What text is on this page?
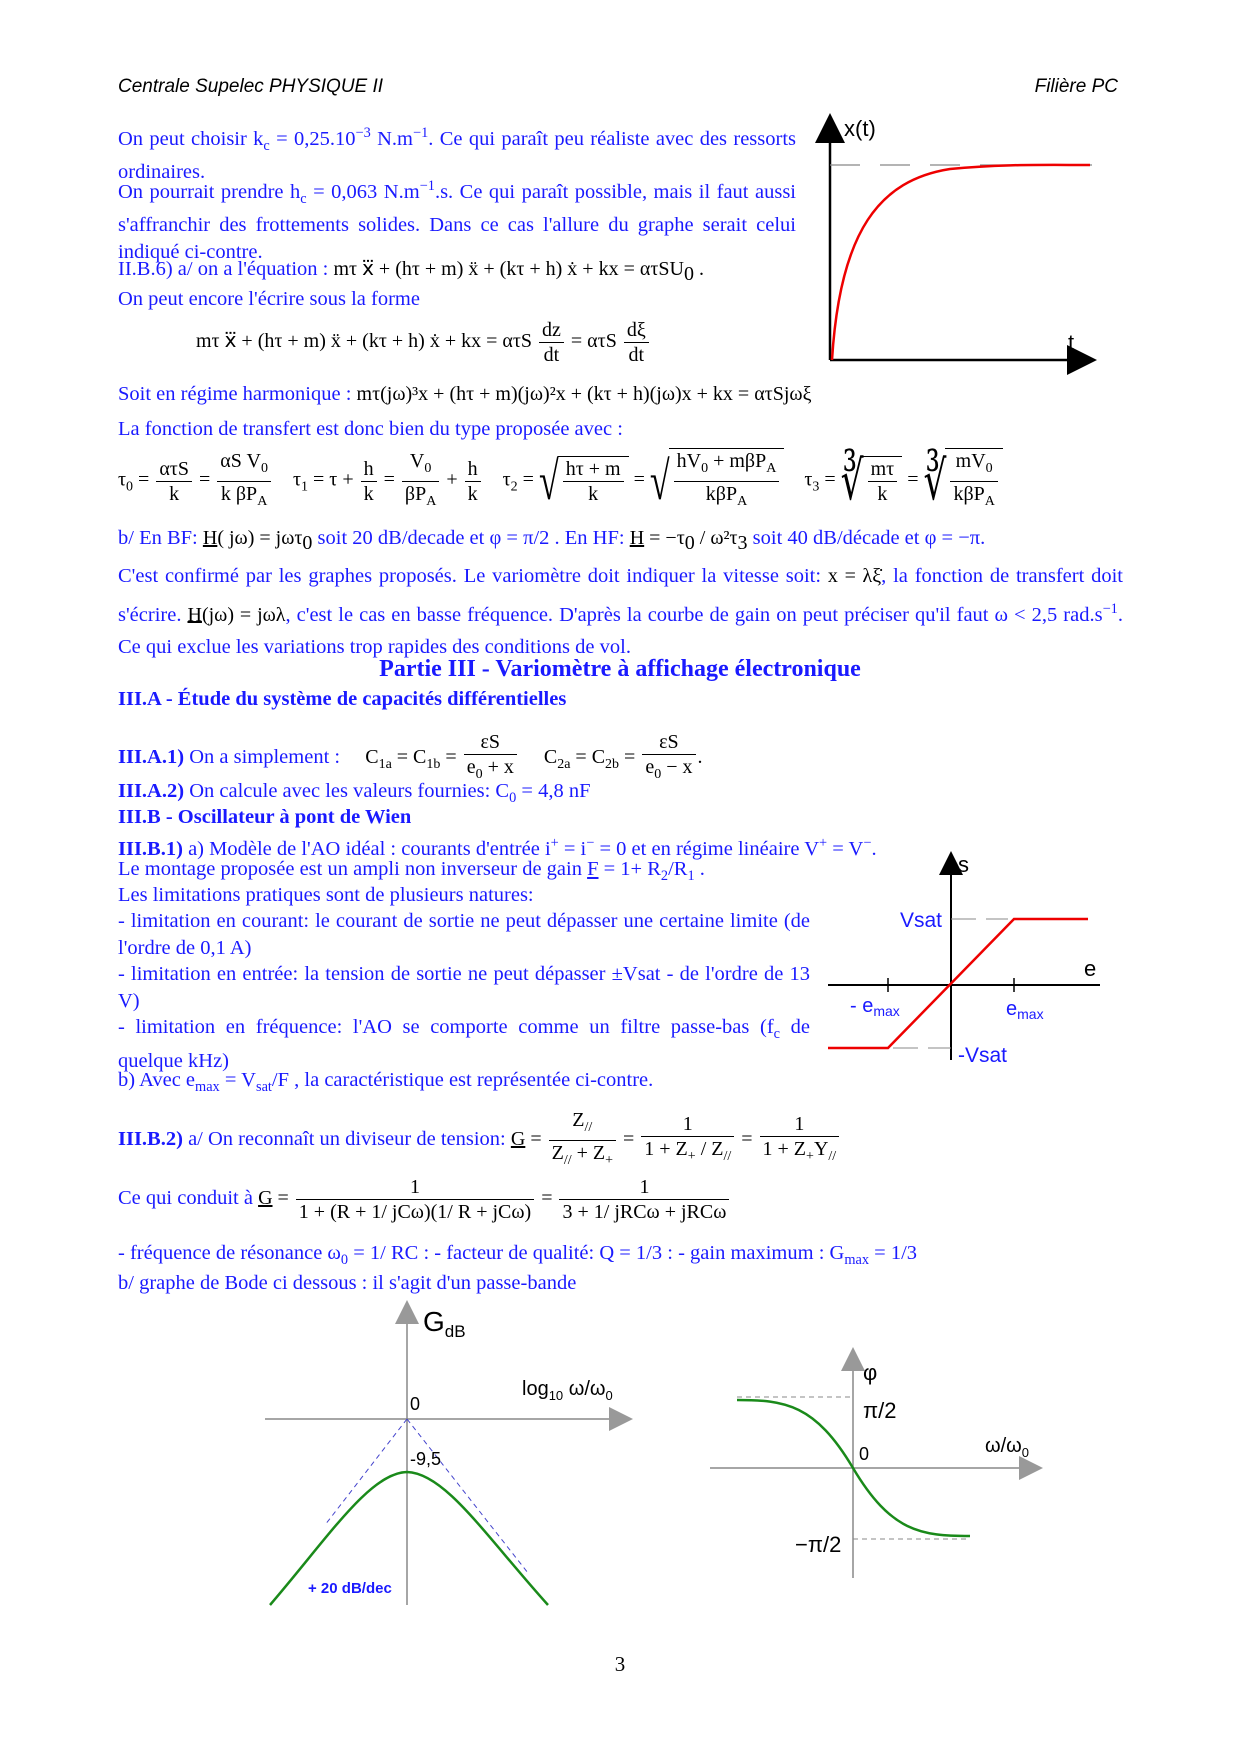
Centrale Supelec PHYSIQUE II	Filière PC
On peut choisir $k_c = 0,25.10^{-3}$ $N.m^{-1}$. Ce qui paraît peu réaliste avec des ressorts ordinaires.
On pourrait prendre $h_c = 0,063$ $N.m^{-1}.s$. Ce qui paraît possible, mais il faut aussi s'affranchir des frottements solides. Dans ce cas l'allure du graphe serait celui indiqué ci-contre.
II.B.6) a/ on a l'équation : mτ x⃛ + (hτ + m) ẍ + (kτ + h) ẋ + kx = ατSU$_0$ .
On peut encore l'écrire sous la forme
mτ x⃛ + (hτ + m) ẍ + (kτ + h) ẋ + kx = ατS $\frac{dz}{dt} = \alpha\tau S \frac{d\xi}{dt}$
Soit en régime harmonique : mτ(jω)³x + (hτ + m)(jω)²x + (kτ + h)(jω)x + kx = ατSjωξ
La fonction de transfert est donc bien du type proposée avec :
$\tau_0 = \frac{\text{ατS}}{k} = \frac{\alpha S V_0}{k \beta P_A} \tau_1 = \tau + \frac{h}{k} = \frac{V_0}{\beta P_A} + \frac{h}{k} \tau_2$ = √ $\frac{h\tau + m}{k}$ = √ $\frac{hV_0 + m\beta P_A}{k\beta P_A} \tau_3$ = ∛ $\frac{m\tau}{k}$ = ∛ $\frac{mV_0}{k\beta P_A}$
b/ En BF: H( jω) = jωτ$_0$ soit 20 dB/decade et φ = π/2 . En HF: $H = -\tau_0 / \omega^2\tau_3$ soit 40 dB/décade et φ = −π.
C'est confirmé par les graphes proposés. Le variomètre doit indiquer la vitesse soit: x = λξ̇, la fonction de transfert doit s'écrire. H(jω) = jωλ, c'est le cas en basse fréquence. D'après la courbe de gain on peut préciser qu'il faut ω < 2,5 $rad.s^{-1}$. Ce qui exclue les variations trop rapides des conditions de vol.
Partie III - Variomètre à affichage électronique
III.A - Étude du système de capacités différentielles
III.A.1) On a simplement : $C_{1a} = C_{1b} = \frac{\varepsilon S}{e_0 + x} C_{2a} = C_{2b} = \frac{\varepsilon S}{e_0 - x}$ .
III.A.2) On calcule avec les valeurs fournies: $C_0 = 4,8$ nF
III.B - Oscillateur à pont de Wien
III.B.1) a) Modèle de l'AO idéal : courants d'entrée i+ = i− = 0 et en régime linéaire V+ = V−.
Le montage proposée est un ampli non inverseur de gain $F = 1+ R_2/R_1$ .
Les limitations pratiques sont de plusieurs natures:
- limitation en courant: le courant de sortie ne peut dépasser une certaine limite (de l'ordre de 0,1 A)
- limitation en entrée: la tension de sortie ne peut dépasser ±Vsat - de l'ordre de 13 V)
- limitation en fréquence: l'AO se comporte comme un filtre passe-bas ($f_c$ de quelque kHz)
b) Avec $e_{max} = V_{sat}/F$ , la caractéristique est représentée ci-contre.
III.B.2) a/ On reconnaît un diviseur de tension: $G = \frac{Z_{//}}{Z_{//} + Z_+} = \frac{1}{1 + Z_+ / Z_{//}} = \frac{1}{1 + Z_+Y_{//}}$
Ce qui conduit à $G = \frac{1}{\text{1 + (R + 1/ jCω)(1/ R + jCω)}} = \frac{1}{\text{3 + 1/ jRCω + jRCω}}$
- fréquence de résonance $\omega_0 = 1/$ RC : - facteur de qualité: Q = 1/3 : - gain maximum : $G_{max} = 1/3$
b/ graphe de Bode ci dessous : il s'agit d'un passe-bande
x(t)
t
s
e
Vsat
-Vsat
- $e_{max}$	$e_{max}$
$G_{dB}$
$\log_{10} \omega/\omega_0$
0
-9,5
+ 20 dB/dec
φ
π/2
−π/2
0	$\omega/\omega_0$
3
